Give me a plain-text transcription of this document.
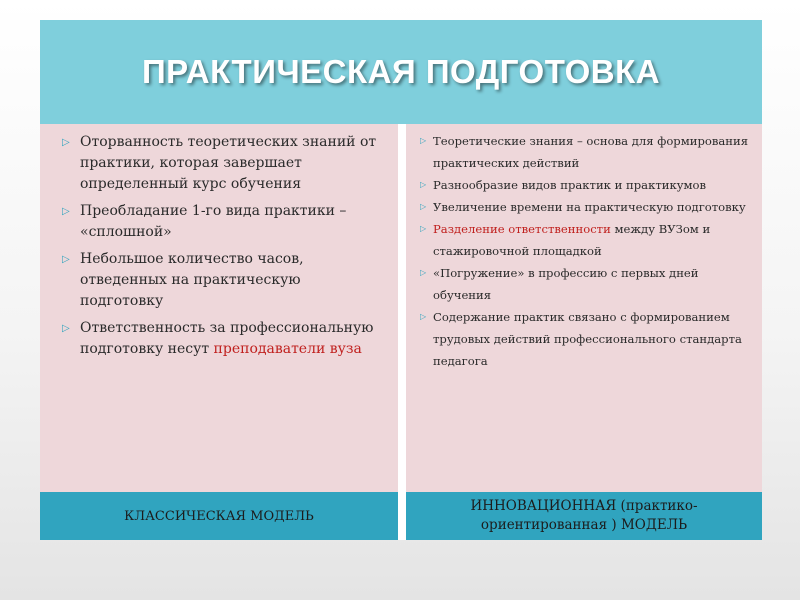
ПРАКТИЧЕСКАЯ ПОДГОТОВКА
▷ Оторванность теоретических знаний от практики, которая завершает определенный курс обучения
▷ Преобладание 1-го вида практики – «сплошной»
▷ Небольшое количество часов, отведенных на практическую подготовку
▷ Ответственность за профессиональную подготовку несут преподаватели вуза
▷ Теоретические знания – основа для формирования практических действий
▷ Разнообразие видов практик и практикумов
▷ Увеличение времени на практическую подготовку
▷ Разделение ответственности между ВУЗом и стажировочной площадкой
▷ «Погружение» в профессию с первых дней обучения
▷ Содержание практик связано с формированием трудовых действий профессионального стандарта педагога
КЛАССИЧЕСКАЯ МОДЕЛЬ
ИННОВАЦИОННАЯ (практико-ориентированная ) МОДЕЛЬ
